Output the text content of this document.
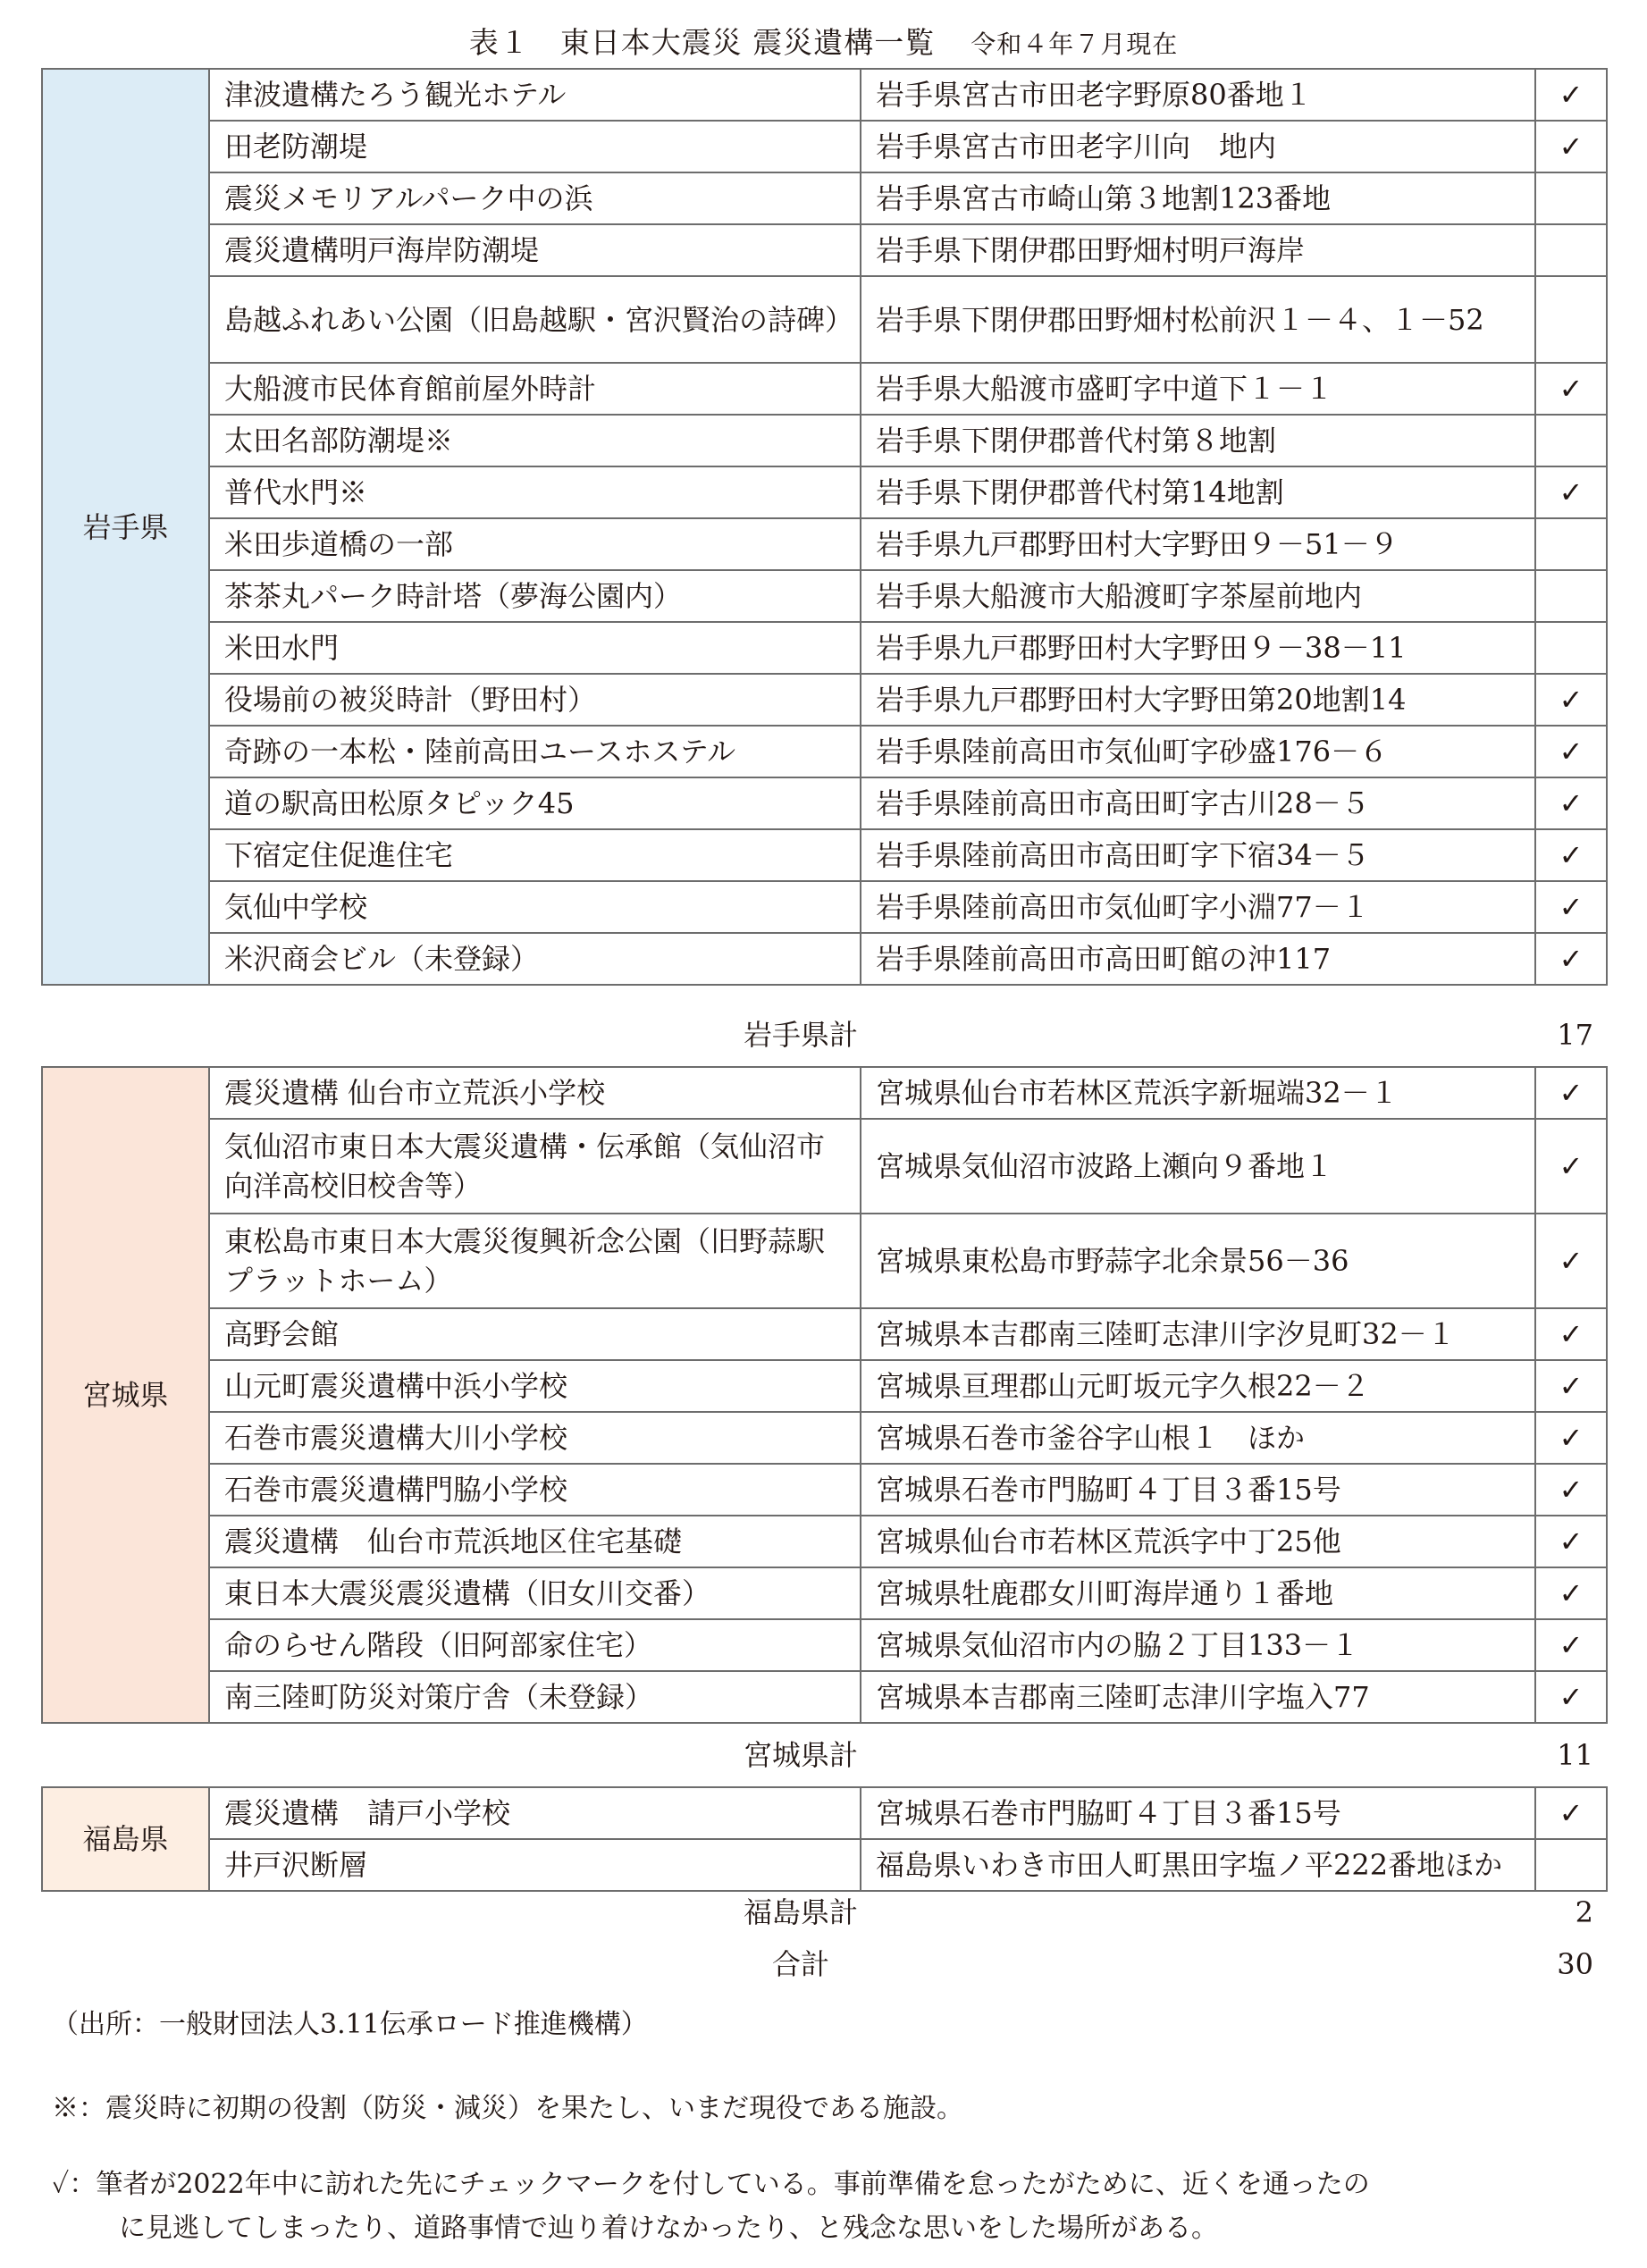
表１　東日本大震災 震災遺構一覧 令和４年７月現在
岩手県	津波遺構たろう観光ホテル	岩手県宮古市田老字野原80番地１	✓
	田老防潮堤	岩手県宮古市田老字川向　地内	✓
	震災メモリアルパーク中の浜	岩手県宮古市崎山第３地割123番地	
	震災遺構明戸海岸防潮堤	岩手県下閉伊郡田野畑村明戸海岸	
	島越ふれあい公園（旧島越駅・宮沢賢治の詩碑）	岩手県下閉伊郡田野畑村松前沢１－４、１－52	
	大船渡市民体育館前屋外時計	岩手県大船渡市盛町字中道下１－１	✓
	太田名部防潮堤※	岩手県下閉伊郡普代村第８地割	
	普代水門※	岩手県下閉伊郡普代村第14地割	✓
	米田歩道橋の一部	岩手県九戸郡野田村大字野田９－51－９	
	茶茶丸パーク時計塔（夢海公園内）	岩手県大船渡市大船渡町字茶屋前地内	
	米田水門	岩手県九戸郡野田村大字野田９－38－11	
	役場前の被災時計（野田村）	岩手県九戸郡野田村大字野田第20地割14	✓
	奇跡の一本松・陸前高田ユースホステル	岩手県陸前高田市気仙町字砂盛176－６	✓
	道の駅高田松原タピック45	岩手県陸前高田市高田町字古川28－５	✓
	下宿定住促進住宅	岩手県陸前高田市高田町字下宿34－５	✓
	気仙中学校	岩手県陸前高田市気仙町字小淵77－１	✓
	米沢商会ビル（未登録）	岩手県陸前高田市高田町館の沖117	✓
岩手県計	17
宮城県	震災遺構 仙台市立荒浜小学校	宮城県仙台市若林区荒浜字新堀端32－１	✓
	気仙沼市東日本大震災遺構・伝承館（気仙沼市向洋高校旧校舎等）	宮城県気仙沼市波路上瀬向９番地１	✓
	東松島市東日本大震災復興祈念公園（旧野蒜駅プラットホーム）	宮城県東松島市野蒜字北余景56－36	✓
	高野会館	宮城県本吉郡南三陸町志津川字汐見町32－１	✓
	山元町震災遺構中浜小学校	宮城県亘理郡山元町坂元字久根22－２	✓
	石巻市震災遺構大川小学校	宮城県石巻市釜谷字山根１　ほか	✓
	石巻市震災遺構門脇小学校	宮城県石巻市門脇町４丁目３番15号	✓
	震災遺構　仙台市荒浜地区住宅基礎	宮城県仙台市若林区荒浜字中丁25他	✓
	東日本大震災震災遺構（旧女川交番）	宮城県牡鹿郡女川町海岸通り１番地	✓
	命のらせん階段（旧阿部家住宅）	宮城県気仙沼市内の脇２丁目133－１	✓
	南三陸町防災対策庁舎（未登録）	宮城県本吉郡南三陸町志津川字塩入77	✓
宮城県計	11
福島県	震災遺構　請戸小学校	宮城県石巻市門脇町４丁目３番15号	✓
	井戸沢断層	福島県いわき市田人町黒田字塩ノ平222番地ほか	
福島県計	2
合計	30
（出所：一般財団法人3.11伝承ロード推進機構）
※：震災時に初期の役割（防災・減災）を果たし、いまだ現役である施設。
✓：筆者が2022年中に訪れた先にチェックマークを付している。事前準備を怠ったがために、近くを通ったの
に見逃してしまったり、道路事情で辿り着けなかったり、と残念な思いをした場所がある。
